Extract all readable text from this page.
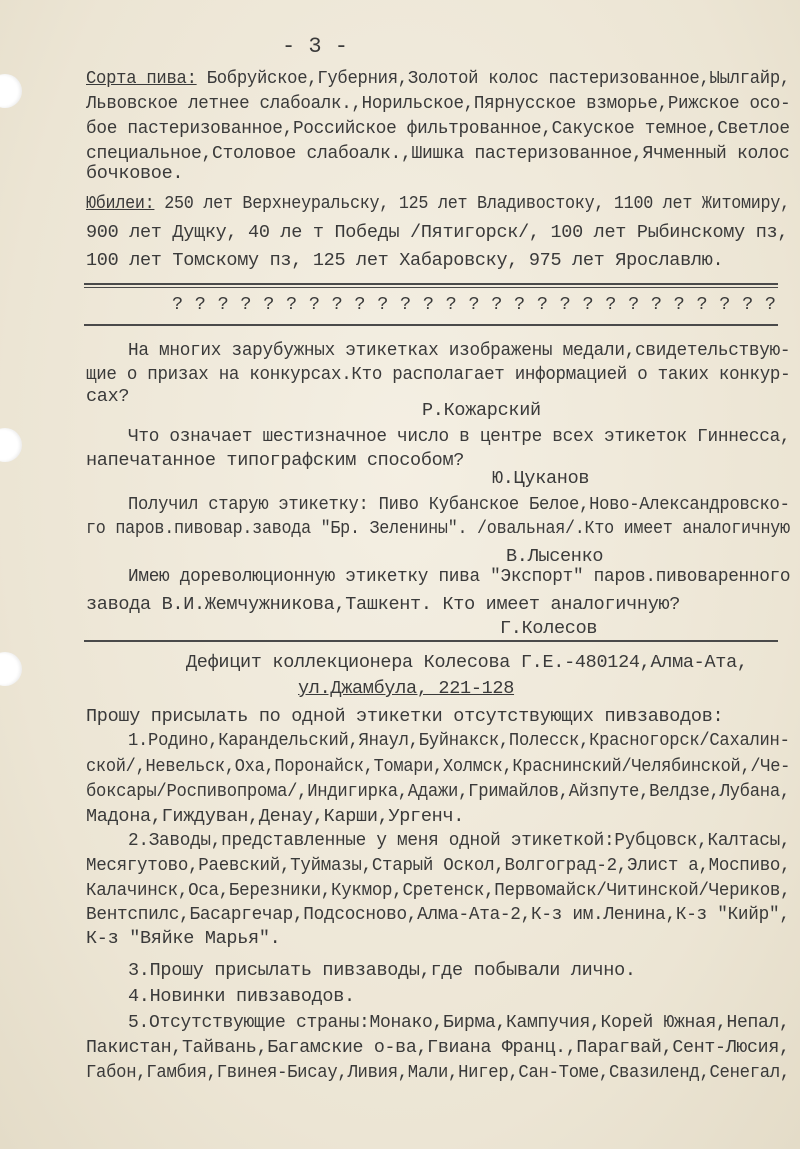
- 3 -
Сорта пива: Бобруйское,Губерния,Золотой колос пастеризованное,Ыылгайр,
Львовское летнее слабоалк.,Норильское,Пярнусское взморье,Рижское осо-
бое пастеризованное,Российское фильтрованное,Сакуское темное,Светлое
специальное,Столовое слабоалк.,Шишка пастеризованное,Ячменный колос
бочковое.
Юбилеи: 250 лет Верхнеуральску, 125 лет Владивостоку, 1100 лет Житомиру,
900 лет Дущку, 40 ле т Победы /Пятигорск/, 100 лет Рыбинскому пз,
100 лет Томскому пз, 125 лет Хабаровску, 975 лет Ярославлю.
? ? ? ? ? ? ? ? ? ? ? ? ? ? ? ? ? ? ? ? ? ? ? ? ? ? ?
На многих зарубужных этикетках изображены медали,свидетельствую-
щие о призах на конкурсах.Кто располагает информацией о таких конкур-
сах?
Р.Кожарский
Что означает шестизначное число в центре всех этикеток Гиннесса,
напечатанное типографским способом?
Ю.Цуканов
Получил старую этикетку: Пиво Кубанское Белое,Ново-Александровско-
го паров.пивовар.завода "Бр. Зеленины". /овальная/.Кто имеет аналогичную
В.Лысенко
Имею дореволюционную этикетку пива "Экспорт" паров.пивоваренного
завода В.И.Жемчужникова,Ташкент. Кто имеет аналогичную?
Г.Колесов
Дефицит коллекционера Колесова Г.Е.-480124,Алма-Ата,
ул.Джамбула, 221-128
Прошу присылать по одной этикетки отсутствующих пивзаводов:
1.Родино,Карандельский,Янаул,Буйнакск,Полесск,Красногорск/Сахалин-
ской/,Невельск,Оха,Поронайск,Томари,Холмск,Краснинский/Челябинской,/Че-
боксары/Роспивопрома/,Индигирка,Адажи,Гримайлов,Айзпуте,Велдзе,Лубана,
Мадона,Гиждуван,Денау,Карши,Ургенч.
2.Заводы,представленные у меня одной этикеткой:Рубцовск,Калтасы,
Месягутово,Раевский,Туймазы,Старый Оскол,Волгоград-2,Элист а,Моспиво,
Калачинск,Оса,Березники,Кукмор,Сретенск,Первомайск/Читинской/Чериков,
Вентспилс,Басаргечар,Подсосново,Алма-Ата-2,К-з им.Ленина,К-з "Кийр",
К-з "Вяйке Марья".
3.Прошу присылать пивзаводы,где побывали лично.
4.Новинки пивзаводов.
5.Отсутствующие страны:Монако,Бирма,Кампучия,Корей Южная,Непал,
Пакистан,Тайвань,Багамские о-ва,Гвиана Франц.,Парагвай,Сент-Люсия,
Габон,Гамбия,Гвинея-Бисау,Ливия,Мали,Нигер,Сан-Томе,Свазиленд,Сенегал,
